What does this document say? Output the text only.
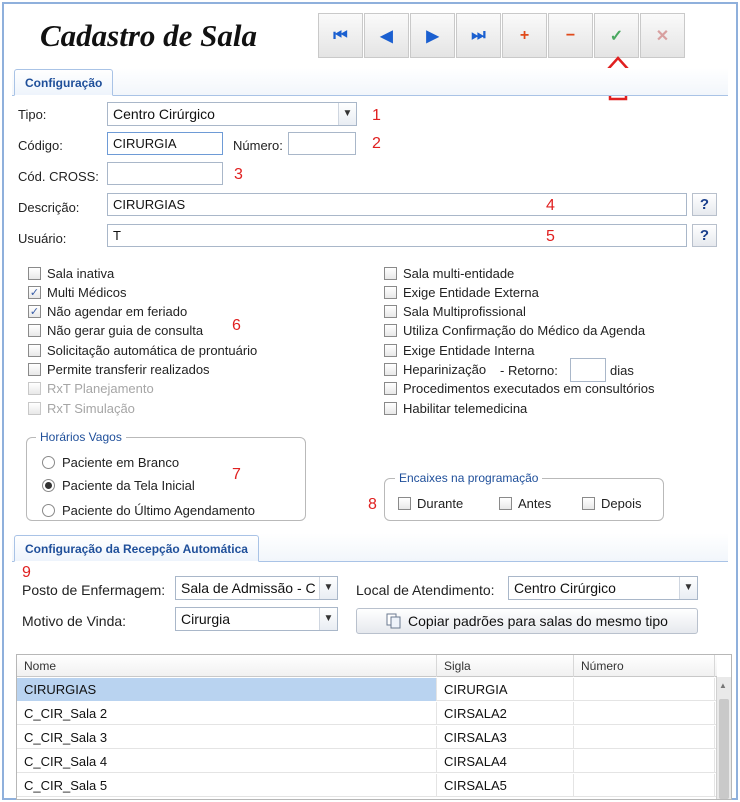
Cadastro de Sala	⏮	◀	▶	⏭	+	−	✓	✕
Configuração
Tipo:	Centro Cirúrgico	▼ 1
Código:	CIRURGIA	Número:	2
Cód. CROSS:	3
Descrição:	CIRURGIAS	4	?
Usuário:	T	5	?
Sala inativa
✓ Multi Médicos
✓ Não agendar em feriado
Não gerar guia de consulta
Solicitação automática de prontuário
Permite transferir realizados
RxT Planejamento
RxT Simulação
6
Sala multi-entidade
Exige Entidade Externa
Sala Multiprofissional
Utiliza Confirmação do Médico da Agenda
Exige Entidade Interna
Heparinização - Retorno:	dias
Procedimentos executados em consultórios
Habilitar telemedicina
Horários Vagos
Paciente em Branco
Paciente da Tela Inicial
Paciente do Último Agendamento
7	Encaixes na programação
8	Durante	Antes	Depois
Configuração da Recepção Automática
9
Posto de Enfermagem:	Sala de Admissão - C ▼ Local de Atendimento:	Centro Cirúrgico	▼
Motivo de Vinda:	Cirurgia	▼	Copiar padrões para salas do mesmo tipo
Nome	Sigla	Número
CIRURGIAS	CIRURGIA
C_CIR_Sala 2	CIRSALA2
C_CIR_Sala 3	CIRSALA3
C_CIR_Sala 4	CIRSALA4
C_CIR_Sala 5	CIRSALA5
▲
